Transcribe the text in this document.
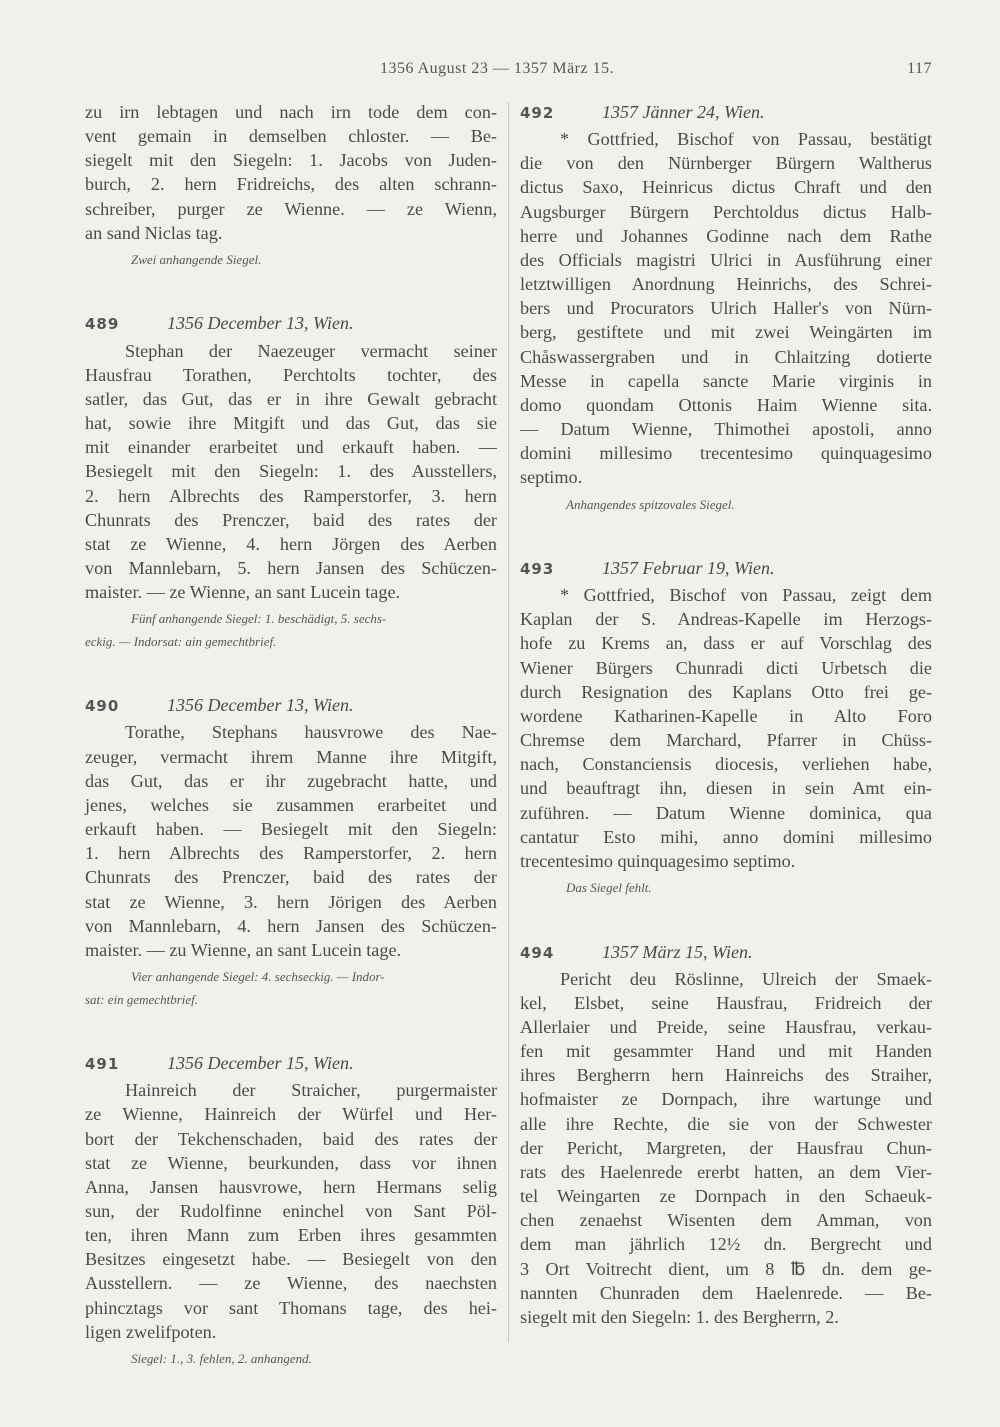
1356 August 23 — 1357 März 15.	117
zu irn lebtagen und nach irn tode dem con-
vent gemain in demselben chloster. — Be-
siegelt mit den Siegeln: 1. Jacobs von Juden-
burch, 2. hern Fridreichs, des alten schrann-
schreiber, purger ze Wienne. — ze Wienn,
an sand Niclas tag.
Zwei anhangende Siegel.
489	1356 December 13, Wien.
Stephan der Naezeuger vermacht seiner
Hausfrau Torathen, Perchtolts tochter, des
satler, das Gut, das er in ihre Gewalt gebracht
hat, sowie ihre Mitgift und das Gut, das sie
mit einander erarbeitet und erkauft haben. —
Besiegelt mit den Siegeln: 1. des Ausstellers,
2. hern Albrechts des Ramperstorfer, 3. hern
Chunrats des Prenczer, baid des rates der
stat ze Wienne, 4. hern Jörgen des Aerben
von Mannlebarn, 5. hern Jansen des Schüczen-
maister. — ze Wienne, an sant Lucein tage.
Fünf anhangende Siegel: 1. beschädigt, 5. sechs-
eckig. — Indorsat: ain gemechtbrief.
490	1356 December 13, Wien.
Torathe, Stephans hausvrowe des Nae-
zeuger, vermacht ihrem Manne ihre Mitgift,
das Gut, das er ihr zugebracht hatte, und
jenes, welches sie zusammen erarbeitet und
erkauft haben. — Besiegelt mit den Siegeln:
1. hern Albrechts des Ramperstorfer, 2. hern
Chunrats des Prenczer, baid des rates der
stat ze Wienne, 3. hern Jörigen des Aerben
von Mannlebarn, 4. hern Jansen des Schüczen-
maister. — zu Wienne, an sant Lucein tage.
Vier anhangende Siegel: 4. sechseckig. — Indor-
sat: ein gemechtbrief.
491	1356 December 15, Wien.
Hainreich der Straicher, purgermaister
ze Wienne, Hainreich der Würfel und Her-
bort der Tekchenschaden, baid des rates der
stat ze Wienne, beurkunden, dass vor ihnen
Anna, Jansen hausvrowe, hern Hermans selig
sun, der Rudolfinne eninchel von Sant Pöl-
ten, ihren Mann zum Erben ihres gesammten
Besitzes eingesetzt habe. — Besiegelt von den
Ausstellern. — ze Wienne, des naechsten
phincztags vor sant Thomans tage, des hei-
ligen zwelifpoten.
Siegel: 1., 3. fehlen, 2. anhangend.
492	1357 Jänner 24, Wien.
* Gottfried, Bischof von Passau, bestätigt
die von den Nürnberger Bürgern Waltherus
dictus Saxo, Heinricus dictus Chraft und den
Augsburger Bürgern Perchtoldus dictus Halb-
herre und Johannes Godinne nach dem Rathe
des Officials magistri Ulrici in Ausführung einer
letztwilligen Anordnung Heinrichs, des Schrei-
bers und Procurators Ulrich Haller's von Nürn-
berg, gestiftete und mit zwei Weingärten im
Chåswassergraben und in Chlaitzing dotierte
Messe in capella sancte Marie virginis in
domo quondam Ottonis Haim Wienne sita.
— Datum Wienne, Thimothei apostoli, anno
domini millesimo trecentesimo quinquagesimo
septimo.
Anhangendes spitzovales Siegel.
493	1357 Februar 19, Wien.
* Gottfried, Bischof von Passau, zeigt dem
Kaplan der S. Andreas-Kapelle im Herzogs-
hofe zu Krems an, dass er auf Vorschlag des
Wiener Bürgers Chunradi dicti Urbetsch die
durch Resignation des Kaplans Otto frei ge-
wordene Katharinen-Kapelle in Alto Foro
Chremse dem Marchard, Pfarrer in Chüss-
nach, Constanciensis diocesis, verliehen habe,
und beauftragt ihn, diesen in sein Amt ein-
zuführen. — Datum Wienne dominica, qua
cantatur Esto mihi, anno domini millesimo
trecentesimo quinquagesimo septimo.
Das Siegel fehlt.
494	1357 März 15, Wien.
Pericht deu Röslinne, Ulreich der Smaek-
kel, Elsbet, seine Hausfrau, Fridreich der
Allerlaier und Preide, seine Hausfrau, verkau-
fen mit gesammter Hand und mit Handen
ihres Bergherrn hern Hainreichs des Straiher,
hofmaister ze Dornpach, ihre wartunge und
alle ihre Rechte, die sie von der Schwester
der Pericht, Margreten, der Hausfrau Chun-
rats des Haelenrede ererbt hatten, an dem Vier-
tel Weingarten ze Dornpach in den Schaeuk-
chen zenaehst Wisenten dem Amman, von
dem man jährlich 12½ dn. Bergrecht und
3 Ort Voitrecht dient, um 8 ℔ dn. dem ge-
nannten Chunraden dem Haelenrede. — Be-
siegelt mit den Siegeln: 1. des Bergherrn, 2.
